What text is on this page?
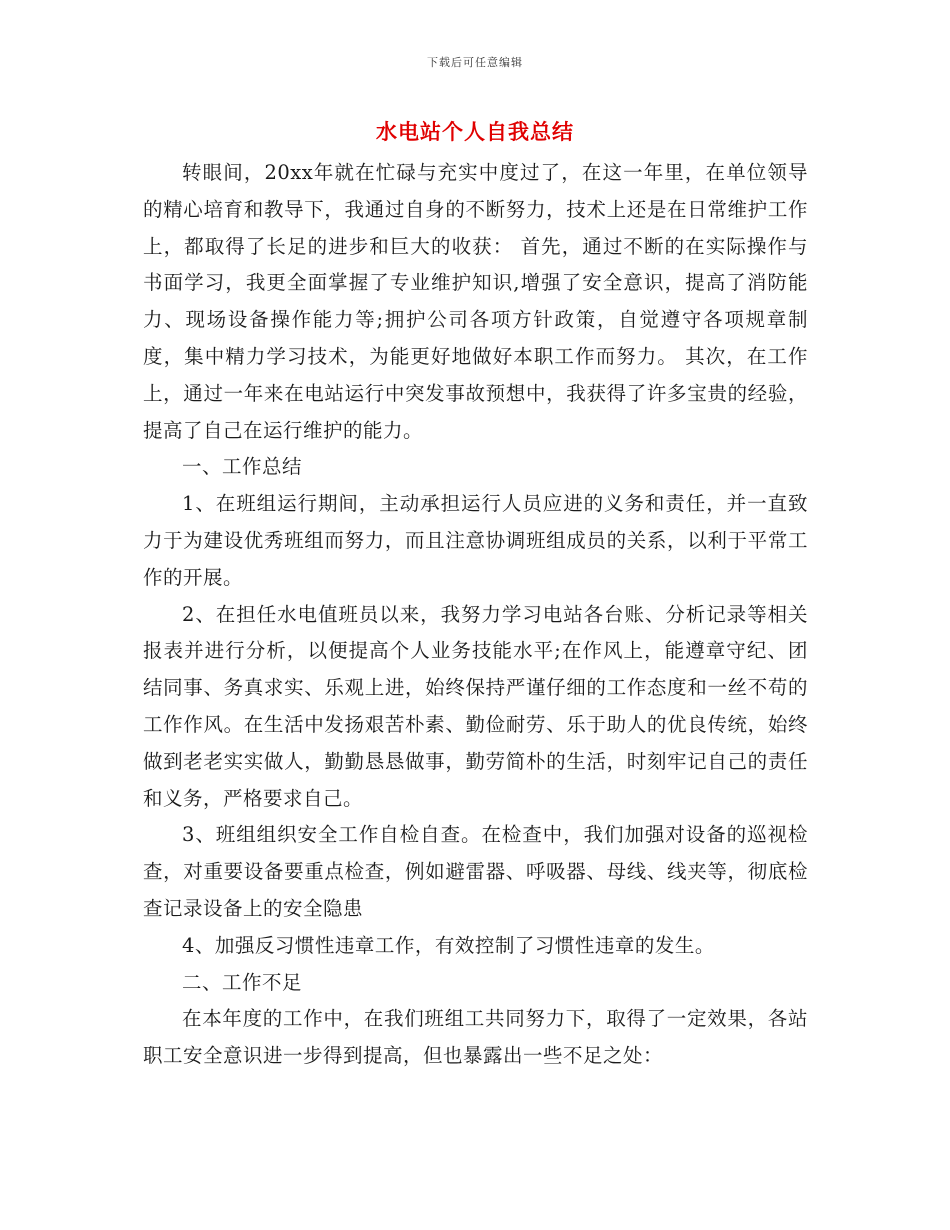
下载后可任意编辑
水电站个人自我总结

转眼间，20xx年就在忙碌与充实中度过了，在这一年里，在单位领导的精心培育和教导下，我通过自身的不断努力，技术上还是在日常维护工作上，都取得了长足的进步和巨大的收获： 首先，通过不断的在实际操作与书面学习，我更全面掌握了专业维护知识,增强了安全意识，提高了消防能力、现场设备操作能力等;拥护公司各项方针政策，自觉遵守各项规章制度，集中精力学习技术，为能更好地做好本职工作而努力。 其次，在工作上，通过一年来在电站运行中突发事故预想中，我获得了许多宝贵的经验，提高了自己在运行维护的能力。

一、工作总结

1、在班组运行期间，主动承担运行人员应进的义务和责任，并一直致力于为建设优秀班组而努力，而且注意协调班组成员的关系，以利于平常工作的开展。

2、在担任水电值班员以来，我努力学习电站各台账、分析记录等相关报表并进行分析，以便提高个人业务技能水平;在作风上，能遵章守纪、团结同事、务真求实、乐观上进，始终保持严谨仔细的工作态度和一丝不苟的工作作风。在生活中发扬艰苦朴素、勤俭耐劳、乐于助人的优良传统，始终做到老老实实做人，勤勤恳恳做事，勤劳简朴的生活，时刻牢记自己的责任和义务，严格要求自己。

3、班组组织安全工作自检自查。在检查中，我们加强对设备的巡视检查，对重要设备要重点检查，例如避雷器、呼吸器、母线、线夹等，彻底检查记录设备上的安全隐患

4、加强反习惯性违章工作，有效控制了习惯性违章的发生。

二、工作不足

在本年度的工作中，在我们班组工共同努力下，取得了一定效果，各站职工安全意识进一步得到提高，但也暴露出一些不足之处：
